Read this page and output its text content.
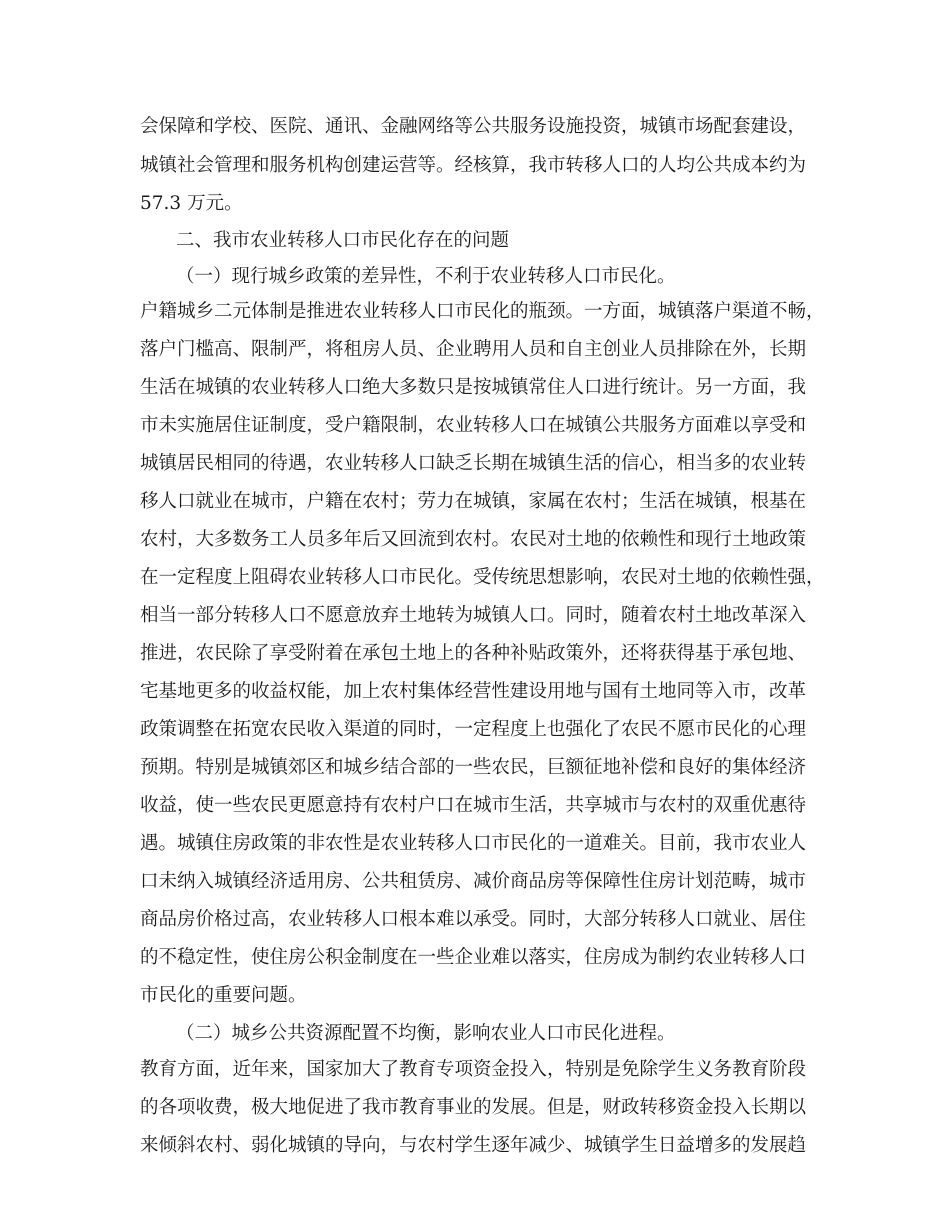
会保障和学校、医院、通讯、金融网络等公共服务设施投资，城镇市场配套建设，
城镇社会管理和服务机构创建运营等。经核算，我市转移人口的人均公共成本约为
57.3 万元。
二、我市农业转移人口市民化存在的问题
（一）现行城乡政策的差异性，不利于农业转移人口市民化。
户籍城乡二元体制是推进农业转移人口市民化的瓶颈。一方面，城镇落户渠道不畅，
落户门槛高、限制严，将租房人员、企业聘用人员和自主创业人员排除在外，长期
生活在城镇的农业转移人口绝大多数只是按城镇常住人口进行统计。另一方面，我
市未实施居住证制度，受户籍限制，农业转移人口在城镇公共服务方面难以享受和
城镇居民相同的待遇，农业转移人口缺乏长期在城镇生活的信心，相当多的农业转
移人口就业在城市，户籍在农村；劳力在城镇，家属在农村；生活在城镇，根基在
农村，大多数务工人员多年后又回流到农村。农民对土地的依赖性和现行土地政策
在一定程度上阻碍农业转移人口市民化。受传统思想影响，农民对土地的依赖性强，
相当一部分转移人口不愿意放弃土地转为城镇人口。同时，随着农村土地改革深入
推进，农民除了享受附着在承包土地上的各种补贴政策外，还将获得基于承包地、
宅基地更多的收益权能，加上农村集体经营性建设用地与国有土地同等入市，改革
政策调整在拓宽农民收入渠道的同时，一定程度上也强化了农民不愿市民化的心理
预期。特别是城镇郊区和城乡结合部的一些农民，巨额征地补偿和良好的集体经济
收益，使一些农民更愿意持有农村户口在城市生活，共享城市与农村的双重优惠待
遇。城镇住房政策的非农性是农业转移人口市民化的一道难关。目前，我市农业人
口未纳入城镇经济适用房、公共租赁房、减价商品房等保障性住房计划范畴，城市
商品房价格过高，农业转移人口根本难以承受。同时，大部分转移人口就业、居住
的不稳定性，使住房公积金制度在一些企业难以落实，住房成为制约农业转移人口
市民化的重要问题。
（二）城乡公共资源配置不均衡，影响农业人口市民化进程。
教育方面，近年来，国家加大了教育专项资金投入，特别是免除学生义务教育阶段
的各项收费，极大地促进了我市教育事业的发展。但是，财政转移资金投入长期以
来倾斜农村、弱化城镇的导向，与农村学生逐年减少、城镇学生日益增多的发展趋
